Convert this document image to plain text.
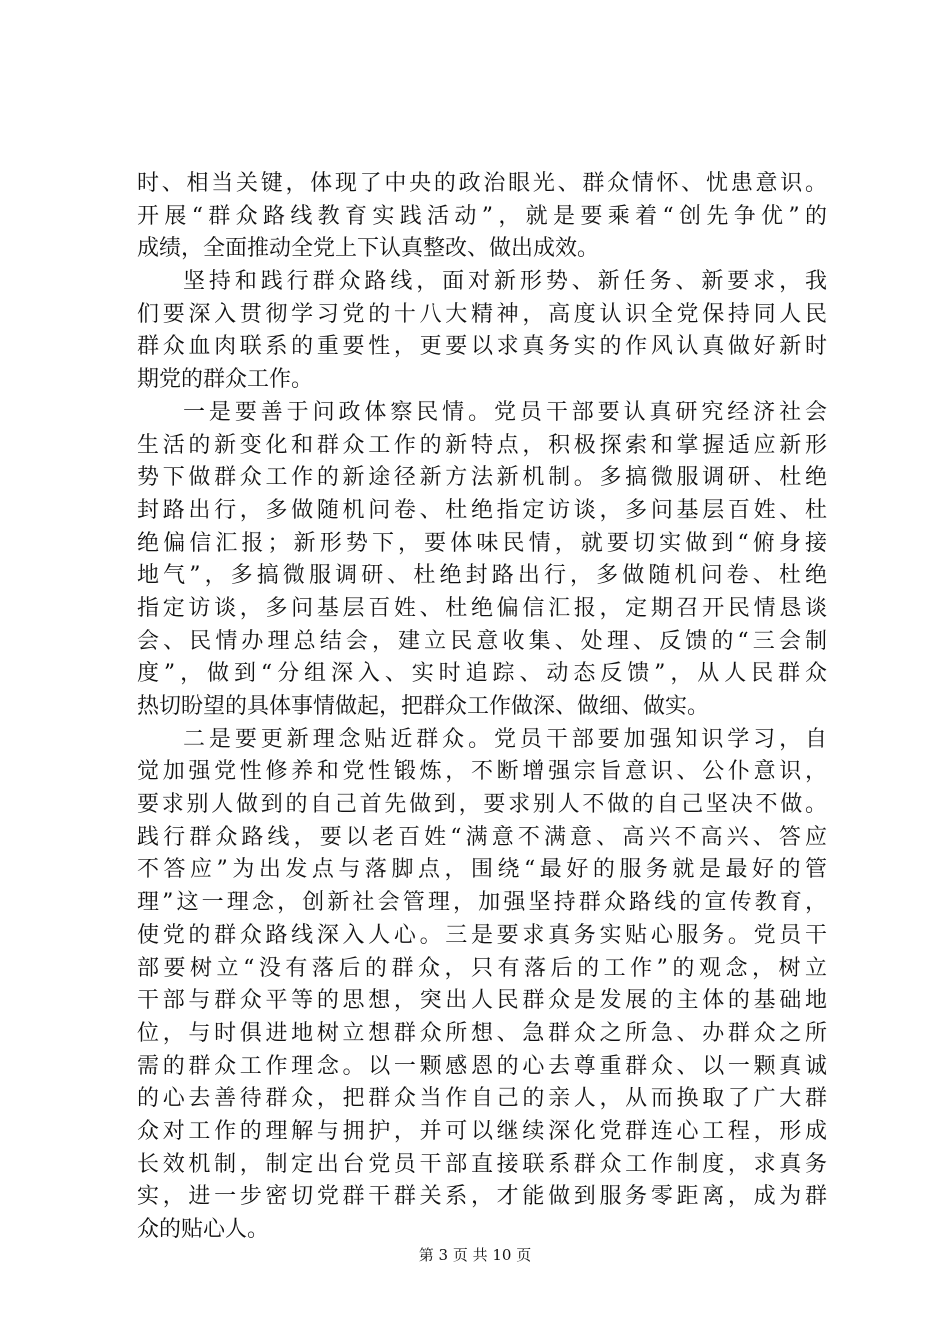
时、相当关键，体现了中央的政治眼光、群众情怀、忧患意识。
开展“群众路线教育实践活动”，就是要乘着“创先争优”的
成绩，全面推动全党上下认真整改、做出成效。
坚持和践行群众路线，面对新形势、新任务、新要求，我
们要深入贯彻学习党的十八大精神，高度认识全党保持同人民
群众血肉联系的重要性，更要以求真务实的作风认真做好新时
期党的群众工作。
一是要善于问政体察民情。党员干部要认真研究经济社会
生活的新变化和群众工作的新特点，积极探索和掌握适应新形
势下做群众工作的新途径新方法新机制。多搞微服调研、杜绝
封路出行，多做随机问卷、杜绝指定访谈，多问基层百姓、杜
绝偏信汇报；新形势下，要体味民情，就要切实做到“俯身接
地气”，多搞微服调研、杜绝封路出行，多做随机问卷、杜绝
指定访谈，多问基层百姓、杜绝偏信汇报，定期召开民情恳谈
会、民情办理总结会，建立民意收集、处理、反馈的“三会制
度”，做到“分组深入、实时追踪、动态反馈”，从人民群众
热切盼望的具体事情做起，把群众工作做深、做细、做实。
二是要更新理念贴近群众。党员干部要加强知识学习，自
觉加强党性修养和党性锻炼，不断增强宗旨意识、公仆意识，
要求别人做到的自己首先做到，要求别人不做的自己坚决不做。
践行群众路线，要以老百姓“满意不满意、高兴不高兴、答应
不答应”为出发点与落脚点，围绕“最好的服务就是最好的管
理”这一理念，创新社会管理，加强坚持群众路线的宣传教育，
使党的群众路线深入人心。三是要求真务实贴心服务。党员干
部要树立“没有落后的群众，只有落后的工作”的观念，树立
干部与群众平等的思想，突出人民群众是发展的主体的基础地
位，与时俱进地树立想群众所想、急群众之所急、办群众之所
需的群众工作理念。以一颗感恩的心去尊重群众、以一颗真诚
的心去善待群众，把群众当作自己的亲人，从而换取了广大群
众对工作的理解与拥护，并可以继续深化党群连心工程，形成
长效机制，制定出台党员干部直接联系群众工作制度，求真务
实，进一步密切党群干群关系，才能做到服务零距离，成为群
众的贴心人。
第 3 页 共 10 页
